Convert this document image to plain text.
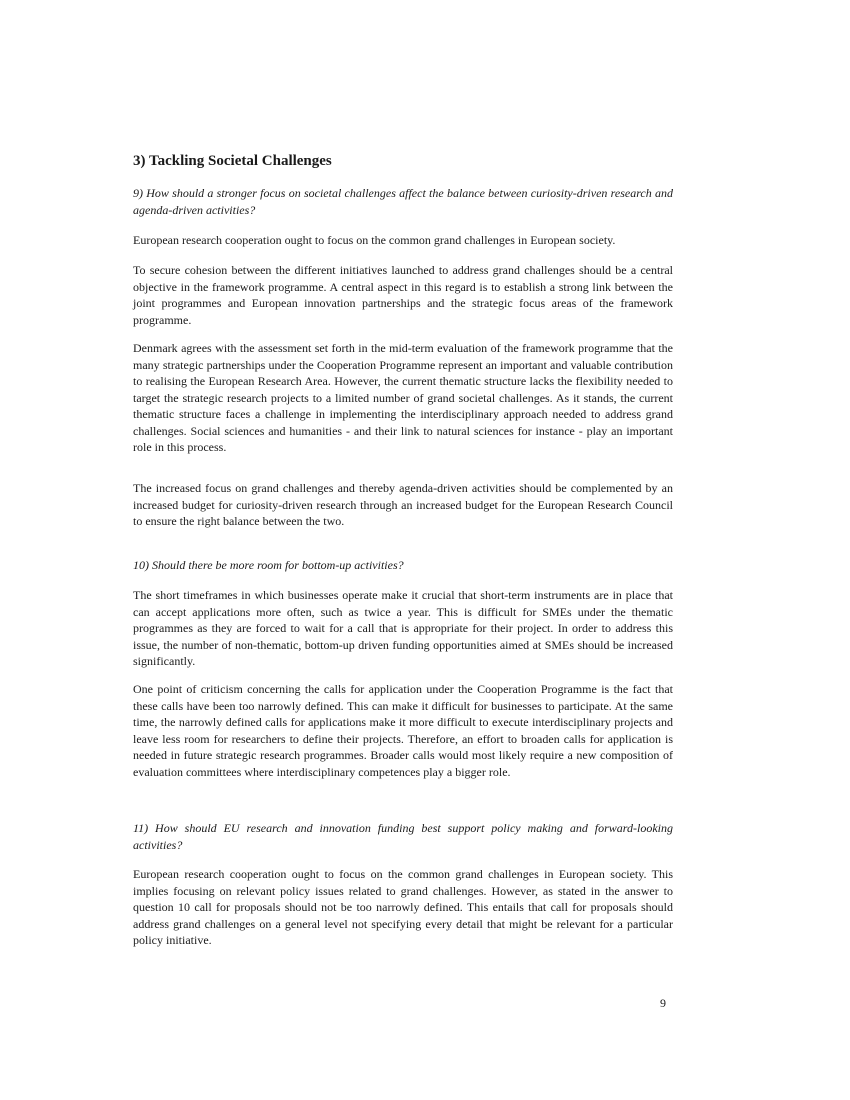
3) Tackling Societal Challenges

9) How should a stronger focus on societal challenges affect the balance between curiosity-driven research and agenda-driven activities?

European research cooperation ought to focus on the common grand challenges in European society.

To secure cohesion between the different initiatives launched to address grand challenges should be a central objective in the framework programme. A central aspect in this regard is to establish a strong link between the joint programmes and European innovation partnerships and the strategic focus areas of the framework programme.

Denmark agrees with the assessment set forth in the mid-term evaluation of the framework programme that the many strategic partnerships under the Cooperation Programme represent an important and valuable contribution to realising the European Research Area. However, the current thematic structure lacks the flexibility needed to target the strategic research projects to a limited number of grand societal challenges. As it stands, the current thematic structure faces a challenge in implementing the interdisciplinary approach needed to address grand challenges. Social sciences and humanities - and their link to natural sciences for instance - play an important role in this process.

The increased focus on grand challenges and thereby agenda-driven activities should be complemented by an increased budget for curiosity-driven research through an increased budget for the European Research Council to ensure the right balance between the two.

10) Should there be more room for bottom-up activities?

The short timeframes in which businesses operate make it crucial that short-term instruments are in place that can accept applications more often, such as twice a year. This is difficult for SMEs under the thematic programmes as they are forced to wait for a call that is appropriate for their project. In order to address this issue, the number of non-thematic, bottom-up driven funding opportunities aimed at SMEs should be increased significantly.

One point of criticism concerning the calls for application under the Cooperation Programme is the fact that these calls have been too narrowly defined. This can make it difficult for businesses to participate. At the same time, the narrowly defined calls for applications make it more difficult to execute interdisciplinary projects and leave less room for researchers to define their projects. Therefore, an effort to broaden calls for application is needed in future strategic research programmes. Broader calls would most likely require a new composition of evaluation committees where interdisciplinary competences play a bigger role.

11) How should EU research and innovation funding best support policy making and forward-looking activities?

European research cooperation ought to focus on the common grand challenges in European society. This implies focusing on relevant policy issues related to grand challenges. However, as stated in the answer to question 10 call for proposals should not be too narrowly defined. This entails that call for proposals should address grand challenges on a general level not specifying every detail that might be relevant for a particular policy initiative.

9
